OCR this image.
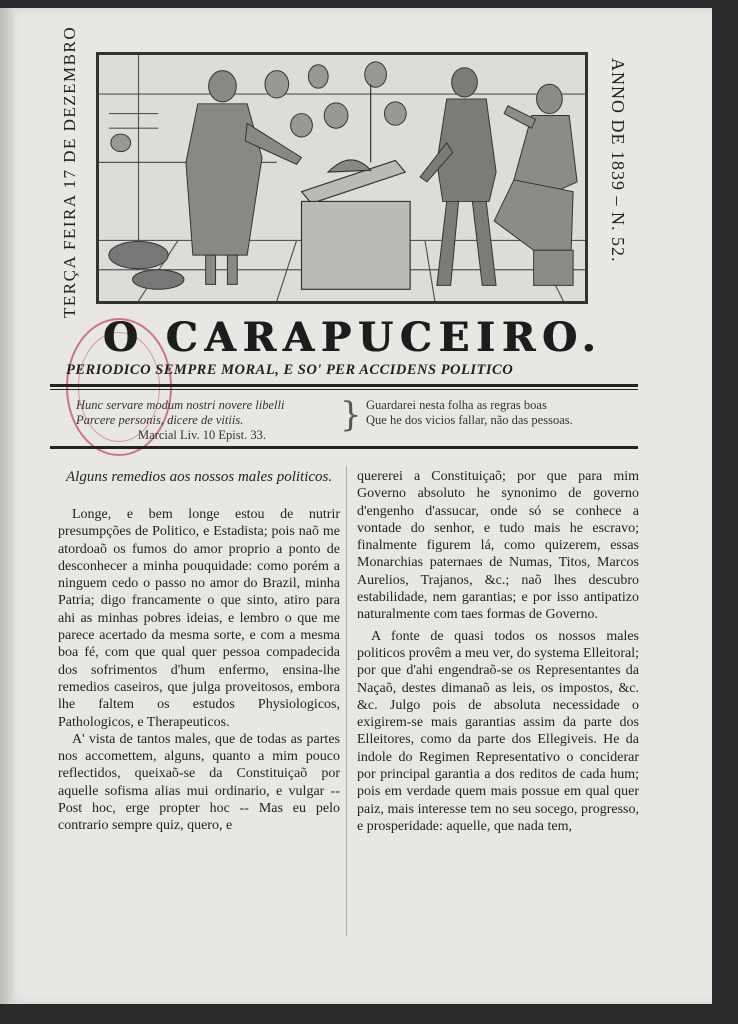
TERÇA FEIRA 17 DE DEZEMBRO	ANNO DE 1839 – N. 52.
O CARAPUCEIRO.
PERIODICO SEMPRE MORAL, E SO' PER ACCIDENS POLITICO
Hunc servare modum nostri novere libelli
Parcere personis, dicere de vitiis.
Marcial Liv. 10 Epist. 33.	} Guardarei nesta folha as regras boas
Que he dos vicios fallar, não das pessoas.

Alguns remedios aos nossos males politicos.

Longe, e bem longe estou de nutrir presumpções de Politico, e Estadista; pois naõ me atordoaõ os fumos do amor proprio a ponto de desconhecer a minha pouquidade: como porém a ninguem cedo o passo no amor do Brazil, minha Patria; digo francamente o que sinto, atiro para ahi as minhas pobres ideias, e lembro o que me parece acertado da mesma sorte, e com a mesma boa fé, com que qual quer pessoa compadecida dos sofrimentos d'hum enfermo, ensina-lhe remedios caseiros, que julga proveitosos, embora lhe faltem os estudos Physiologicos, Pathologicos, e Therapeuticos.

A' vista de tantos males, que de todas as partes nos accomettem, alguns, quanto a mim pouco reflectidos, queixaõ-se da Constituiçaõ por aquelle sofisma alias mui ordinario, e vulgar -- Post hoc, erge propter hoc -- Mas eu pelo contrario sempre quiz, quero, e

quererei a Constituiçaõ; por que para mim Governo absoluto he synonimo de governo d'engenho d'assucar, onde só se conhece a vontade do senhor, e tudo mais he escravo; finalmente figurem lá, como quizerem, essas Monarchias paternaes de Numas, Titos, Marcos Aurelios, Trajanos, &c.; naõ lhes descubro estabilidade, nem garantias; e por isso antipatizo naturalmente com taes formas de Governo.

A fonte de quasi todos os nossos males politicos provêm a meu ver, do systema Elleitoral; por que d'ahi engendraõ-se os Representantes da Naçaõ, destes dimanaõ as leis, os impostos, &c. &c. Julgo pois de absoluta necessidade o exigirem-se mais garantias assim da parte dos Elleitores, como da parte dos Ellegiveis. He da indole do Regimen Representativo o conciderar por principal garantia a dos reditos de cada hum; pois em verdade quem mais possue em qual quer paiz, mais interesse tem no seu socego, progresso, e prosperidade: aquelle, que nada tem,
